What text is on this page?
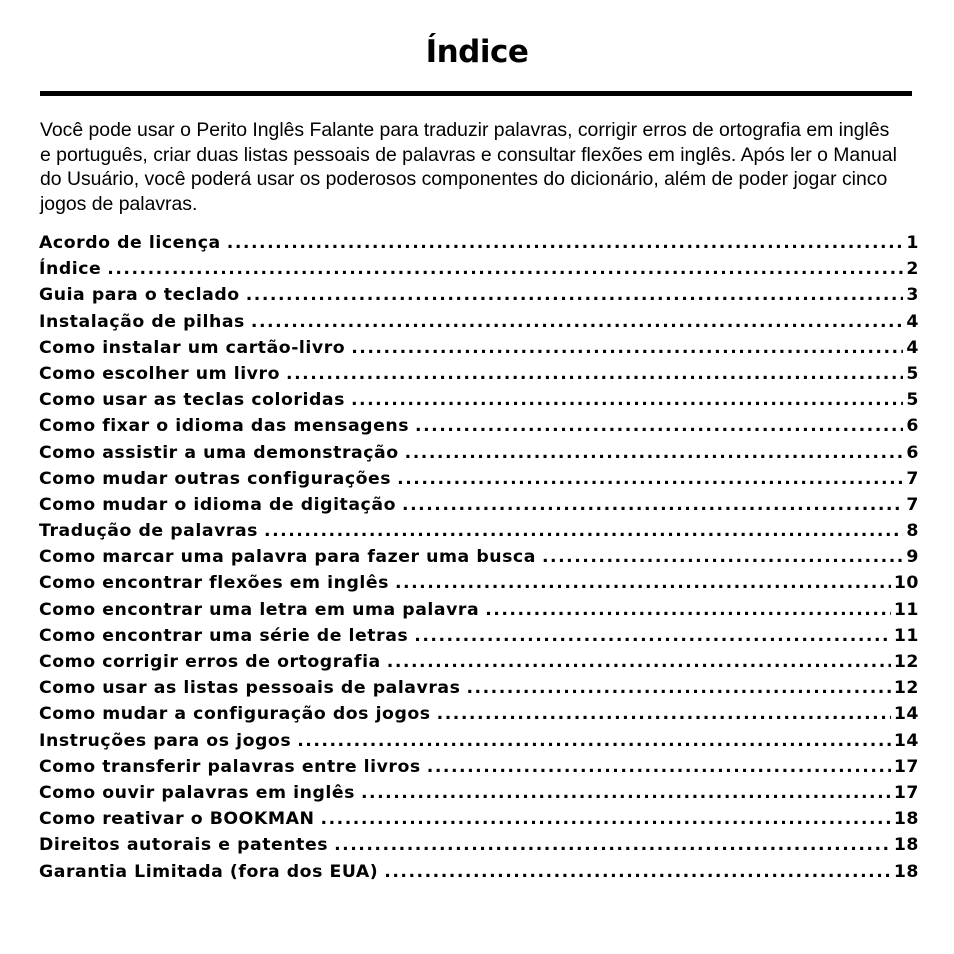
Índice

Você pode usar o Perito Inglês Falante para traduzir palavras, corrigir erros de ortografia em inglês e português, criar duas listas pessoais de palavras e consultar flexões em inglês. Após ler o Manual do Usuário, você poderá usar os poderosos componentes do dicionário, além de poder jogar cinco jogos de palavras.

Acordo de licença .....	1
Índice .....	2
Guia para o teclado .....	3
Instalação de pilhas .....	4
Como instalar um cartão-livro .....	4
Como escolher um livro .....	5
Como usar as teclas coloridas .....	5
Como fixar o idioma das mensagens .....	6
Como assistir a uma demonstração .....	6
Como mudar outras configurações .....	7
Como mudar o idioma de digitação .....	7
Tradução de palavras .....	8
Como marcar uma palavra para fazer uma busca .....	9
Como encontrar flexões em inglês .....	10
Como encontrar uma letra em uma palavra .....	11
Como encontrar uma série de letras .....	11
Como corrigir erros de ortografia .....	12
Como usar as listas pessoais de palavras .....	12
Como mudar a configuração dos jogos .....	14
Instruções para os jogos .....	14
Como transferir palavras entre livros .....	17
Como ouvir palavras em inglês .....	17
Como reativar o BOOKMAN .....	18
Direitos autorais e patentes .....	18
Garantia Limitada (fora dos EUA) .....	18
